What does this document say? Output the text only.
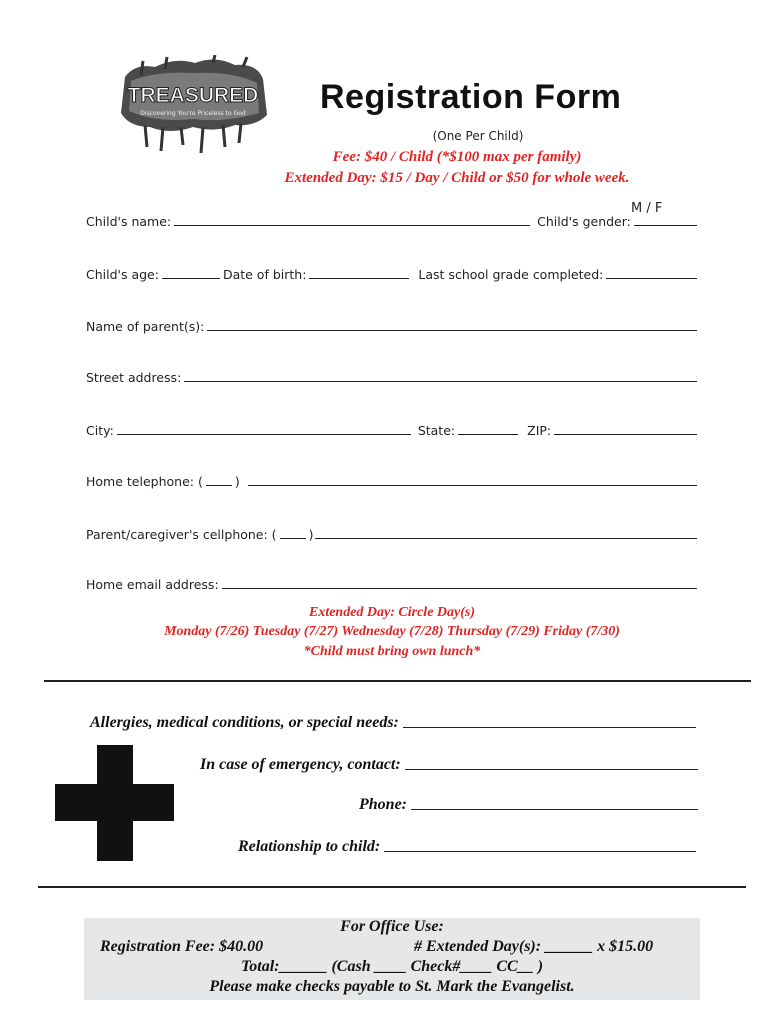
TREASURED
Discovering You're Priceless to God Registration Form
(One Per Child)
Fee: $40 / Child (*$100 max per family)
Extended Day: $15 / Day / Child or $50 for whole week.
M / F
Child's name:	Child's gender:
Child's age:	Date of birth:	Last school grade completed:
Name of parent(s):
Street address:
City:	State:	ZIP:
Home telephone: (	)
Parent/caregiver's cellphone: (	)
Home email address:
Extended Day: Circle Day(s)
Monday (7/26) Tuesday (7/27) Wednesday (7/28) Thursday (7/29) Friday (7/30)
*Child must bring own lunch*
Allergies, medical conditions, or special needs:
In case of emergency, contact:
Phone:
Relationship to child:
For Office Use:
Registration Fee: $40.00	# Extended Day(s): ______ x $15.00
Total:______ (Cash ____ Check#____ CC__ )
Please make checks payable to St. Mark the Evangelist.
